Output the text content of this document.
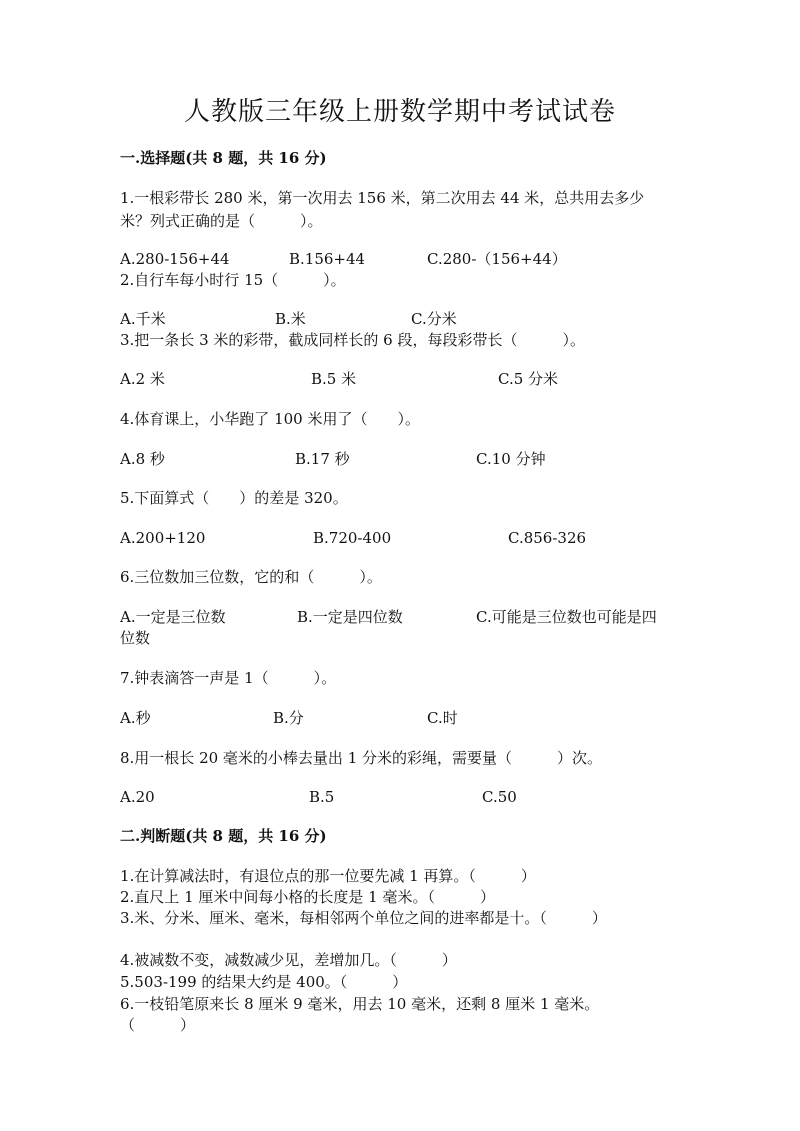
人教版三年级上册数学期中考试试卷
一.选择题(共 8 题，共 16 分)
1.一根彩带长 280 米，第一次用去 156 米，第二次用去 44 米，总共用去多少
米？列式正确的是（　　　）。
A.280-156+44	B.156+44	C.280-（156+44）
2.自行车每小时行 15（　　　）。
A.千米	B.米	C.分米
3.把一条长 3 米的彩带，截成同样长的 6 段，每段彩带长（　　　）。
A.2 米	B.5 米	C.5 分米
4.体育课上，小华跑了 100 米用了（　　）。
A.8 秒	B.17 秒	C.10 分钟
5.下面算式（　　）的差是 320。
A.200+120	B.720-400	C.856-326
6.三位数加三位数，它的和（　　　）。
A.一定是三位数	B.一定是四位数	C.可能是三位数也可能是四
位数
7.钟表滴答一声是 1（　　　）。
A.秒	B.分	C.时
8.用一根长 20 毫米的小棒去量出 1 分米的彩绳，需要量（　　　）次。
A.20	B.5	C.50
二.判断题(共 8 题，共 16 分)
1.在计算减法时，有退位点的那一位要先减 1 再算。（　　　）
2.直尺上 1 厘米中间每小格的长度是 1 毫米。（　　　）
3.米、分米、厘米、毫米，每相邻两个单位之间的进率都是十。（　　　）
4.被减数不变，减数减少见，差增加几。（　　　）
5.503-199 的结果大约是 400。（　　　）
6.一枝铅笔原来长 8 厘米 9 毫米，用去 10 毫米，还剩 8 厘米 1 毫米。
（　　　）
